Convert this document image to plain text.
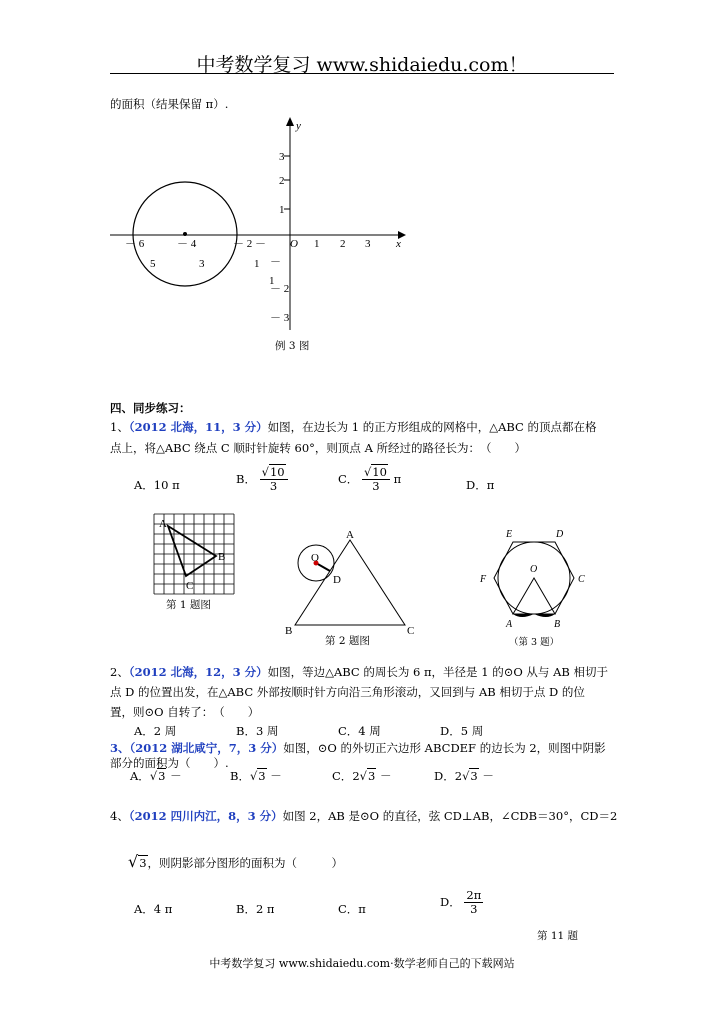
中考数学复习 www.shidaiedu.com！
的面积（结果保留 π）.
y
x
O 1 2 3
3
2
1
－ 6	－ 4	－ 2 －
5	3	1 －
1
－ 2
－ 3
例 3 图
四、同步练习：
1、（2012 北海，11，3 分）如图，在边长为 1 的正方形组成的网格中，△ABC 的顶点都在格
点上，将△ABC 绕点 C 顺时针旋转 60°，则顶点 A 所经过的路径长为：　（　　）
A．10 π	B． $\frac{√10}{3}$	C． $\frac{√10}{3}$ π	D．π
A
B
C
第 1 题图
A
B	C
D
O
第 2 题图
E	D
F	C
O
A	B
（第 3 题）
2、（2012 北海，12，3 分）如图，等边△ABC 的周长为 6 π，半径是 1 的⊙O 从与 AB 相切于
点 D 的位置出发，在△ABC 外部按顺时针方向沿三角形滚动，又回到与 AB 相切于点 D 的位
置，则⊙O 自转了：　（　　）
A．2 周	B．3 周	C．4 周	D．5 周
3、（2012 湖北咸宁，7，3 分）如图，⊙O 的外切正六边形 ABCDEF 的边长为 2，则图中阴影
部分的面积为（　　）.
A．√3 －	B．√3 －	C．2√3 －	D．2√3 －
4、（2012 四川内江，8，3 分）如图 2，AB 是⊙O 的直径，弦 CD⊥AB，∠CDB＝30°，CD＝2
√3，则阴影部分图形的面积为（　　　）
A．4 π	B．2 π	C．π	D． $\frac{2\pi}{3}$
第 11 题
中考数学复习 www.shidaiedu.com·数学老师自己的下载网站
